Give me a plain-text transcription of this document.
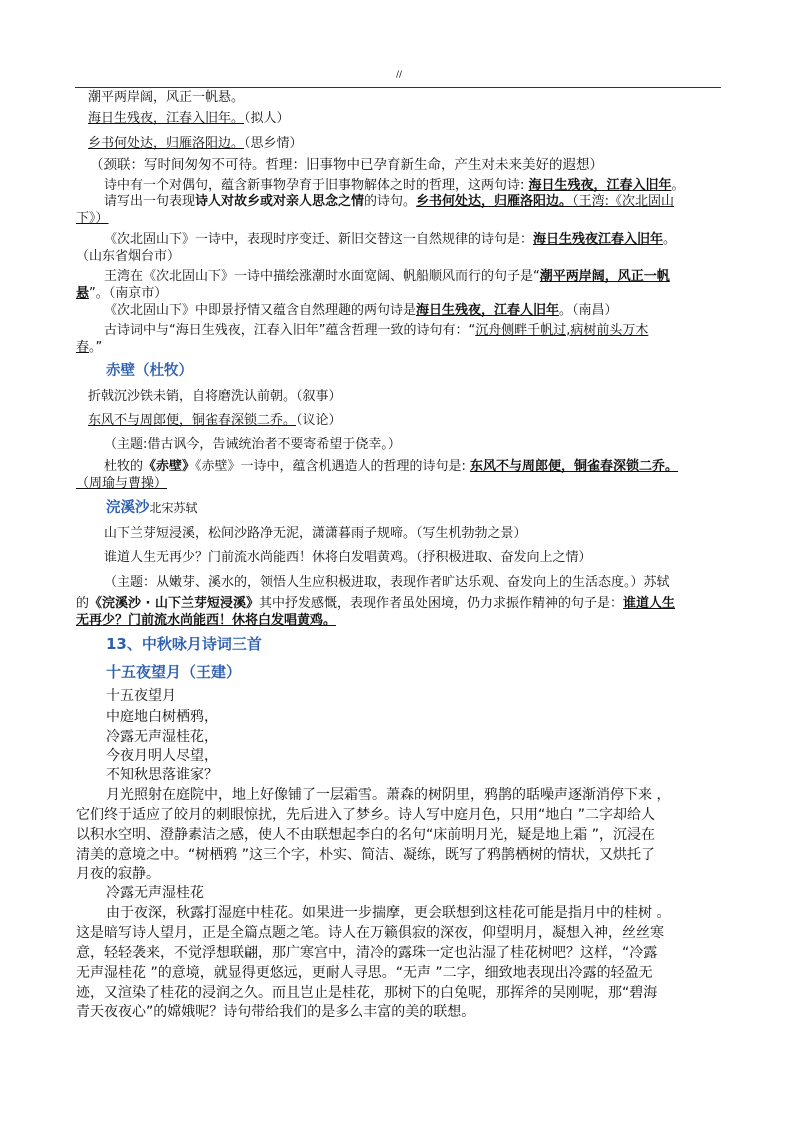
//
潮平两岸阔，风正一帆悬。
海日生残夜，江春入旧年。（拟人）
乡书何处达，归雁洛阳边。（思乡情）
（颈联：写时间匆匆不可待。哲理：旧事物中已孕育新生命，产生对未来美好的遐想）
诗中有一个对偶句，蕴含新事物孕育于旧事物解体之时的哲理，这两句诗: 海日生残夜，江春入旧年。
请写出一句表现诗人对故乡或对亲人思念之情的诗句。乡书何处达，归雁洛阳边。（王湾:《次北固山
下》）
《次北固山下》一诗中，表现时序变迁、新旧交替这一自然规律的诗句是：海日生残夜江春入旧年。
（山东省烟台市）
王湾在《次北固山下》一诗中描绘涨潮时水面宽阔、帆船顺风而行的句子是“潮平两岸阔，风正一帆
悬”。（南京市）
《次北固山下》中即景抒情又蕴含自然理趣的两句诗是海日生残夜，江春人旧年。（南昌）
古诗词中与“海日生残夜，江春入旧年”蕴含哲理一致的诗句有：“沉舟侧畔千帆过,病树前头万木
春。”
赤壁（杜牧）
折戟沉沙铁未销，自将磨洗认前朝。（叙事）
东风不与周郎便，铜雀春深锁二乔。（议论）
（主题:借古讽今，告诫统治者不要寄希望于侥幸。）
杜牧的《赤壁》《赤壁》一诗中，蕴含机遇造人的哲理的诗句是: 东风不与周郎便，铜雀春深锁二乔。
（周瑜与曹操）
浣溪沙北宋苏轼
山下兰芽短浸溪，松间沙路净无泥，潇潇暮雨子规啼。（写生机勃勃之景）
谁道人生无再少？门前流水尚能西！休将白发唱黄鸡。（抒积极进取、奋发向上之情）
（主题：从嫩芽、溪水的，领悟人生应积极进取，表现作者旷达乐观、奋发向上的生活态度。）苏轼
的《浣溪沙 · 山下兰芽短浸溪》其中抒发感慨，表现作者虽处困境，仍力求振作精神的句子是：谁道人生
无再少？门前流水尚能西！休将白发唱黄鸡。
13、中秋咏月诗词三首
十五夜望月（王建）
十五夜望月
中庭地白树栖鸦，
冷露无声湿桂花，
今夜月明人尽望，
不知秋思落谁家？
月光照射在庭院中，地上好像铺了一层霜雪。萧森的树阴里，鸦鹊的聒噪声逐渐消停下来 ，
它们终于适应了皎月的刺眼惊扰，先后进入了梦乡。诗人写中庭月色，只用“地白 ”二字却给人
以积水空明、澄静素洁之感，使人不由联想起李白的名句“床前明月光，疑是地上霜 ”，沉浸在
清美的意境之中。“树栖鸦 ”这三个字，朴实、简洁、凝练，既写了鸦鹊栖树的情状，又烘托了
月夜的寂静。
冷露无声湿桂花
由于夜深，秋露打湿庭中桂花。如果进一步揣摩，更会联想到这桂花可能是指月中的桂树 。
这是暗写诗人望月，正是全篇点题之笔。诗人在万籁俱寂的深夜，仰望明月，凝想入神，丝丝寒
意，轻轻袭来，不觉浮想联翩，那广寒宫中，清冷的露珠一定也沾湿了桂花树吧？这样，“冷露
无声湿桂花 ”的意境，就显得更悠远，更耐人寻思。“无声 ”二字，细致地表现出冷露的轻盈无
迹，又渲染了桂花的浸润之久。而且岂止是桂花，那树下的白兔呢，那挥斧的吴刚呢，那“碧海
青天夜夜心”的嫦娥呢？诗句带给我们的是多么丰富的美的联想。
